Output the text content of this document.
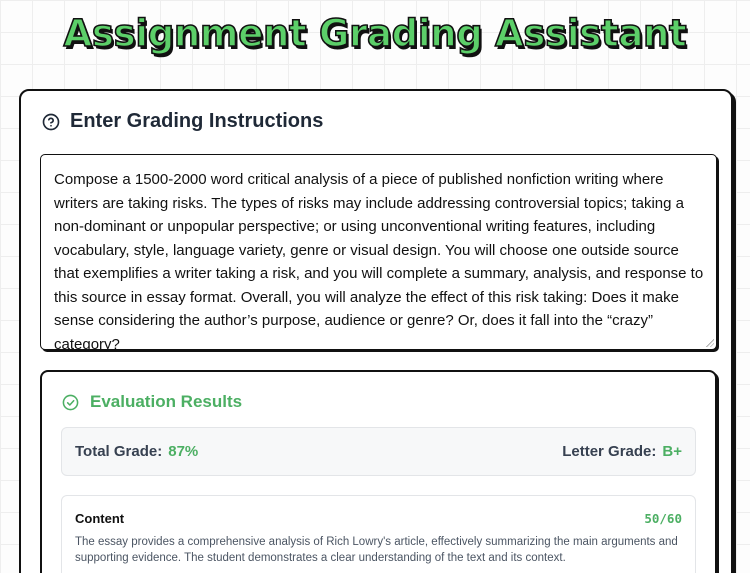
Assignment Grading Assistant
Enter Grading Instructions
Compose a 1500-2000 word critical analysis of a piece of published nonfiction writing where writers are taking risks. The types of risks may include addressing controversial topics; taking a non-dominant or unpopular perspective; or using unconventional writing features, including vocabulary, style, language variety, genre or visual design. You will choose one outside source that exemplifies a writer taking a risk, and you will complete a summary, analysis, and response to this source in essay format. Overall, you will analyze the effect of this risk taking: Does it make sense considering the author’s purpose, audience or genre? Or, does it fall into the “crazy” category?
Evaluation Results
Total Grade: 87%	Letter Grade: B+
Content	50/60
The essay provides a comprehensive analysis of Rich Lowry's article, effectively summarizing the main arguments and supporting evidence. The student demonstrates a clear understanding of the text and its context.
